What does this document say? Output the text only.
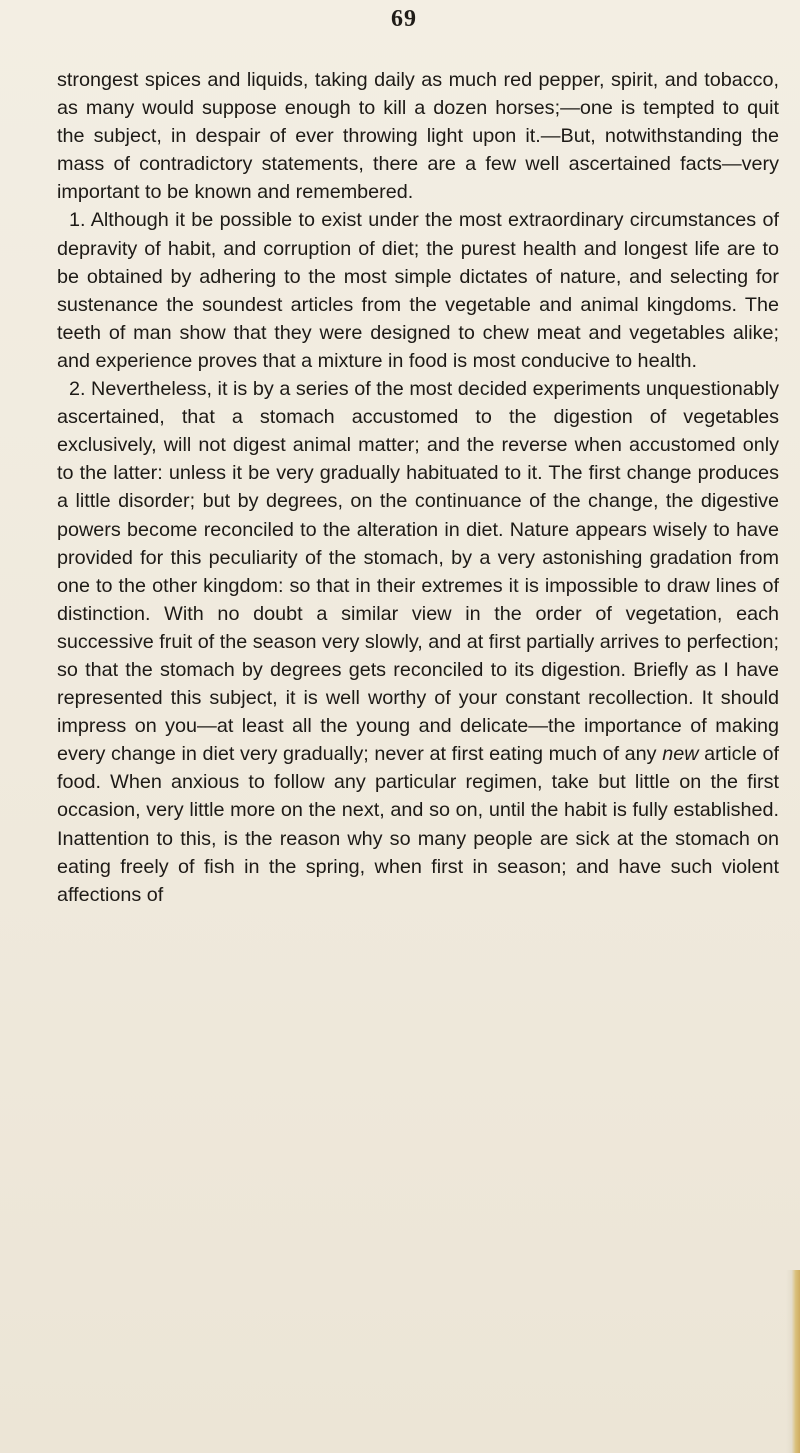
69

strongest spices and liquids, taking daily as much red pepper, spirit, and tobacco, as many would suppose enough to kill a dozen horses;—one is tempted to quit the subject, in despair of ever throwing light upon it.—But, notwithstanding the mass of contradictory statements, there are a few well ascertained facts—very important to be known and remembered.

1. Although it be possible to exist under the most extraordinary circumstances of depravity of habit, and corruption of diet; the purest health and longest life are to be obtained by adhering to the most simple dictates of nature, and selecting for sustenance the soundest articles from the vegetable and animal kingdoms. The teeth of man show that they were designed to chew meat and vegetables alike; and experience proves that a mixture in food is most conducive to health.

2. Nevertheless, it is by a series of the most decided experiments unquestionably ascertained, that a stomach accustomed to the digestion of vegetables exclusively, will not digest animal matter; and the reverse when accustomed only to the latter: unless it be very gradually habituated to it. The first change produces a little disorder; but by degrees, on the continuance of the change, the digestive powers become reconciled to the alteration in diet. Nature appears wisely to have provided for this peculiarity of the stomach, by a very astonishing gradation from one to the other kingdom: so that in their extremes it is impossible to draw lines of distinction. With no doubt a similar view in the order of vegetation, each successive fruit of the season very slowly, and at first partially arrives to perfection; so that the stomach by degrees gets reconciled to its digestion. Briefly as I have represented this subject, it is well worthy of your constant recollection. It should impress on you—at least all the young and delicate—the importance of making every change in diet very gradually; never at first eating much of any new article of food. When anxious to follow any particular regimen, take but little on the first occasion, very little more on the next, and so on, until the habit is fully established. Inattention to this, is the reason why so many people are sick at the stomach on eating freely of fish in the spring, when first in season; and have such violent affections of
